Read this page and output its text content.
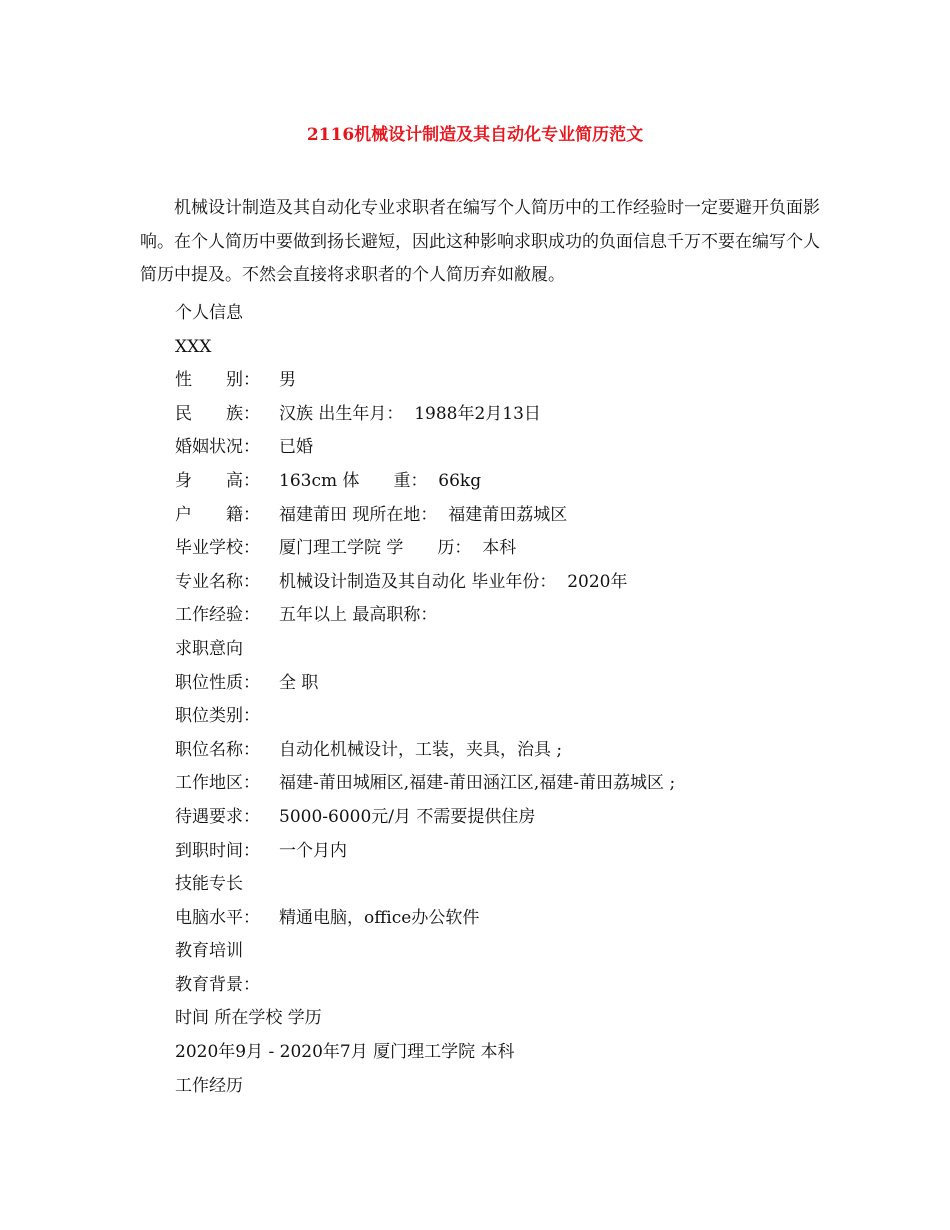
2116机械设计制造及其自动化专业简历范文

机械设计制造及其自动化专业求职者在编写个人简历中的工作经验时一定要避开负面影响。在个人简历中要做到扬长避短，因此这种影响求职成功的负面信息千万不要在编写个人简历中提及。不然会直接将求职者的个人简历弃如敝履。

个人信息
XXX
性　　别： 男
民　　族： 汉族 出生年月：  1988年2月13日
婚姻状况： 已婚
身　　高： 163cm 体　　重：  66kg
户　　籍： 福建莆田 现所在地：  福建莆田荔城区
毕业学校： 厦门理工学院 学　　历：  本科
专业名称： 机械设计制造及其自动化 毕业年份：  2020年
工作经验： 五年以上 最高职称：
求职意向
职位性质： 全 职
职位类别：
职位名称： 自动化机械设计，工装，夹具，治具 ;
工作地区： 福建-莆田城厢区,福建-莆田涵江区,福建-莆田荔城区 ;
待遇要求： 5000-6000元/月 不需要提供住房
到职时间： 一个月内
技能专长
电脑水平： 精通电脑，office办公软件
教育培训
教育背景：
时间 所在学校 学历
2020年9月 - 2020年7月 厦门理工学院 本科
工作经历
